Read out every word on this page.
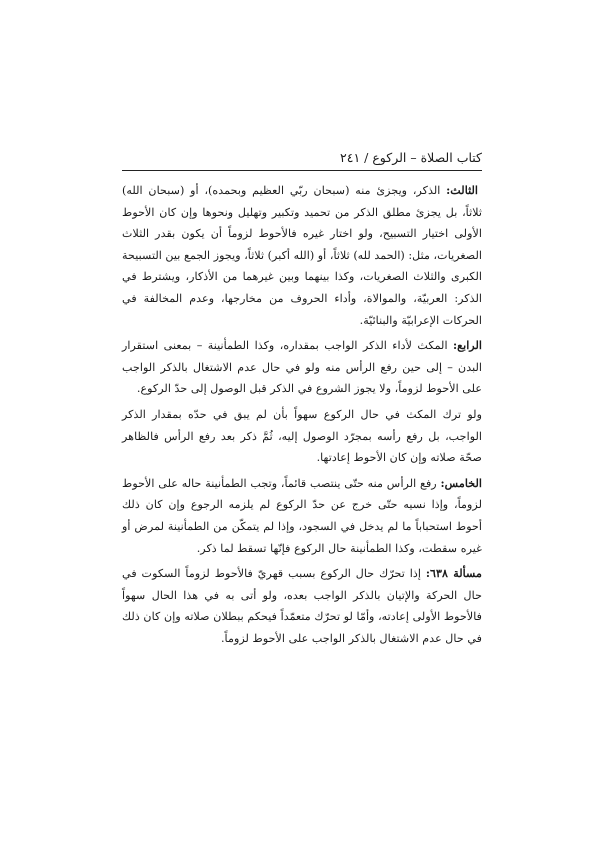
كتاب الصلاة – الركوع / ٢٤١

الثالث: الذكر، ويجزئ منه (سبحان ربّي العظيم وبحمده)، أو (سبحان الله) ثلاثاً، بل يجزئ مطلق الذكر من تحميد وتكبير وتهليل ونحوها وإن كان الأحوط الأولى اختيار التسبيح، ولو اختار غيره فالأحوط لزوماً أن يكون بقدر الثلاث الصغريات، مثل: (الحمد لله) ثلاثاً، أو (الله أكبر) ثلاثاً، ويجوز الجمع بين التسبيحة الكبرى والثلاث الصغريات، وكذا بينهما وبين غيرهما من الأذكار، ويشترط في الذكر: العربيّة، والموالاة، وأداء الحروف من مخارجها، وعدم المخالفة في الحركات الإعرابيّة والبنائيّة.

الرابع: المكث لأداء الذكر الواجب بمقداره، وكذا الطمأنينة – بمعنى استقرار البدن – إلى حين رفع الرأس منه ولو في حال عدم الاشتغال بالذكر الواجب على الأحوط لزوماً، ولا يجوز الشروع في الذكر قبل الوصول إلى حدّ الركوع.

ولو ترك المكث في حال الركوع سهواً بأن لم يبق في حدّه بمقدار الذكر الواجب، بل رفع رأسه بمجرّد الوصول إليه، ثُمَّ ذكر بعد رفع الرأس فالظاهر صحّة صلاته وإن كان الأحوط إعادتها.

الخامس: رفع الرأس منه حتّى ينتصب قائماً، وتجب الطمأنينة حاله على الأحوط لزوماً، وإذا نسيه حتّى خرج عن حدّ الركوع لم يلزمه الرجوع وإن كان ذلك أحوط استحباباً ما لم يدخل في السجود، وإذا لم يتمكّن من الطمأنينة لمرض أو غيره سقطت، وكذا الطمأنينة حال الركوع فإنّها تسقط لما ذكر.

مسألة ٦٣٨: إذا تحرّك حال الركوع بسبب قهريّ فالأحوط لزوماً السكوت في حال الحركة والإتيان بالذكر الواجب بعده، ولو أتى به في هذا الحال سهواً فالأحوط الأولى إعادته، وأمّا لو تحرّك متعمّداً فيحكم ببطلان صلاته وإن كان ذلك في حال عدم الاشتغال بالذكر الواجب على الأحوط لزوماً.
